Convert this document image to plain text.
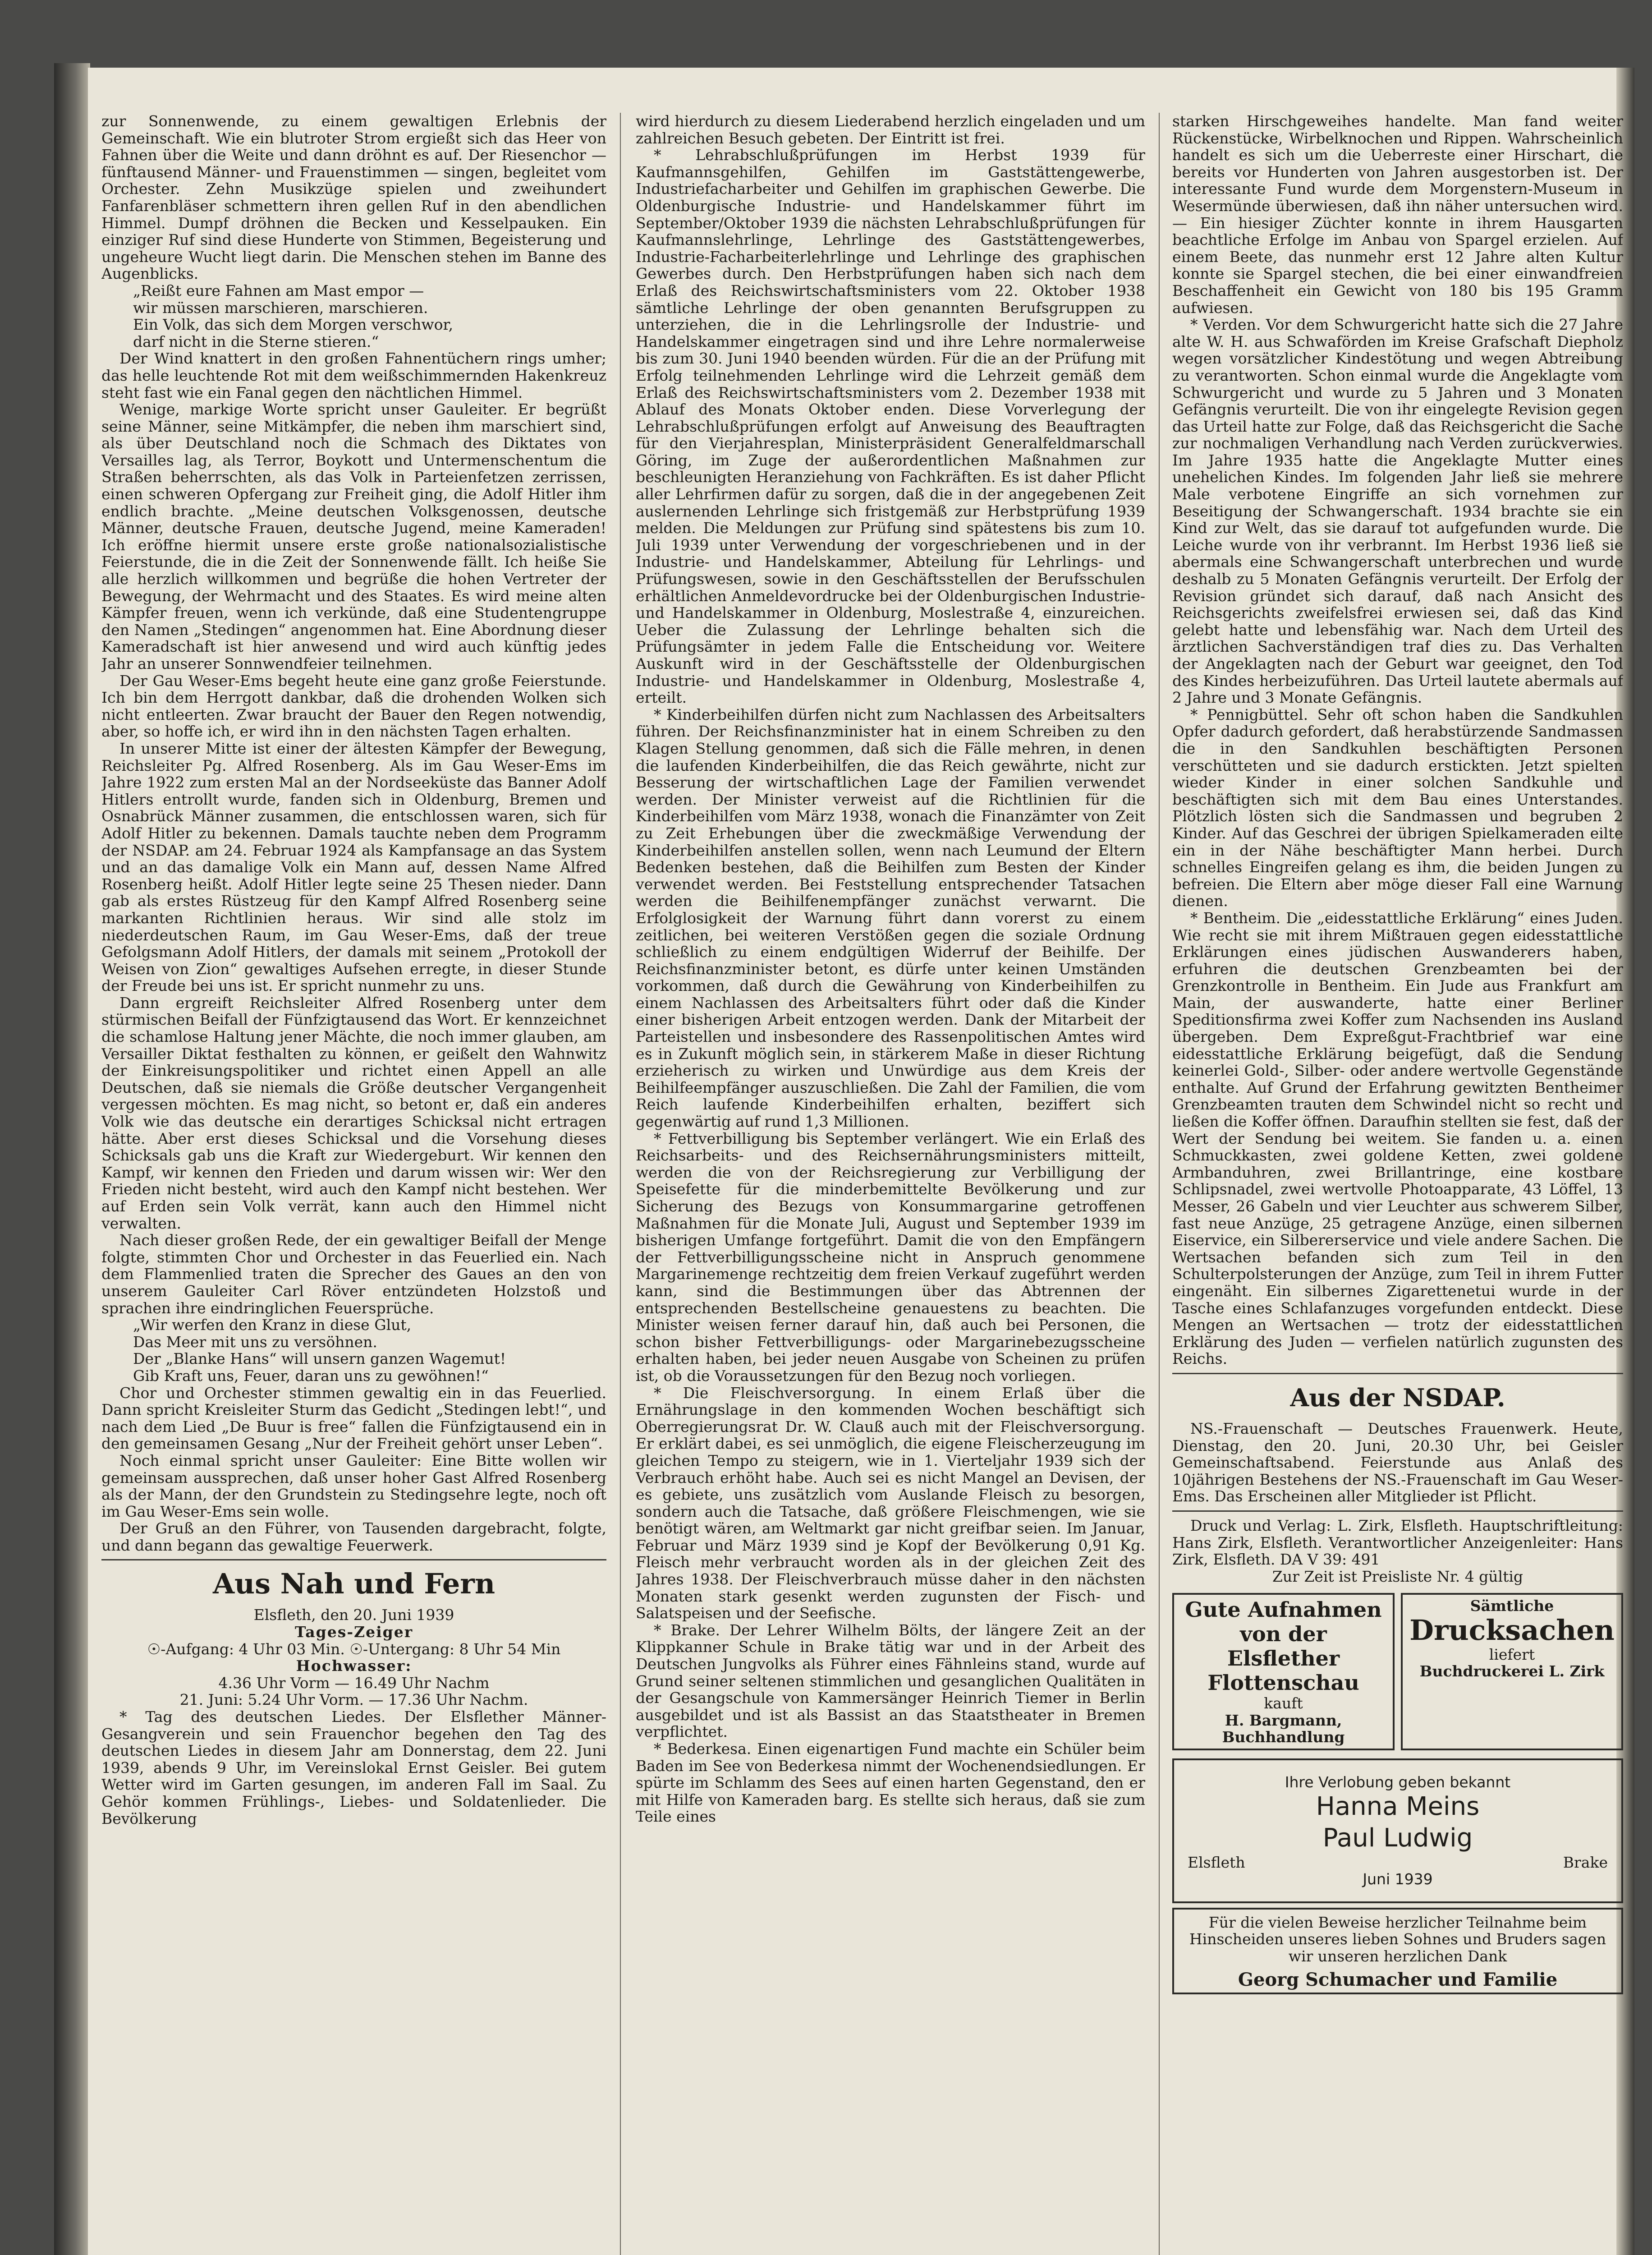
zur Sonnenwende, zu einem gewaltigen Erlebnis der Gemeinschaft. Wie ein blutroter Strom ergießt sich das Heer von Fahnen über die Weite und dann dröhnt es auf. Der Riesenchor — fünftausend Männer- und Frauenstimmen — singen, begleitet vom Orchester. Zehn Musikzüge spielen und zweihundert Fanfarenbläser schmettern ihren gellen Ruf in den abendlichen Himmel. Dumpf dröhnen die Becken und Kesselpauken. Ein einziger Ruf sind diese Hunderte von Stimmen, Begeisterung und ungeheure Wucht liegt darin. Die Menschen stehen im Banne des Augenblicks.

„Reißt eure Fahnen am Mast empor —

wir müssen marschieren, marschieren.

Ein Volk, das sich dem Morgen verschwor,

darf nicht in die Sterne stieren.“

Der Wind knattert in den großen Fahnentüchern rings umher; das helle leuchtende Rot mit dem weißschimmernden Hakenkreuz steht fast wie ein Fanal gegen den nächtlichen Himmel.

Wenige, markige Worte spricht unser Gauleiter. Er begrüßt seine Männer, seine Mitkämpfer, die neben ihm marschiert sind, als über Deutschland noch die Schmach des Diktates von Versailles lag, als Terror, Boykott und Untermenschentum die Straßen beherrschten, als das Volk in Parteienfetzen zerrissen, einen schweren Opfergang zur Freiheit ging, die Adolf Hitler ihm endlich brachte. „Meine deutschen Volksgenossen, deutsche Männer, deutsche Frauen, deutsche Jugend, meine Kameraden! Ich eröffne hiermit unsere erste große nationalsozialistische Feierstunde, die in die Zeit der Sonnenwende fällt. Ich heiße Sie alle herzlich willkommen und begrüße die hohen Vertreter der Bewegung, der Wehrmacht und des Staates. Es wird meine alten Kämpfer freuen, wenn ich verkünde, daß eine Studentengruppe den Namen „Stedingen“ angenommen hat. Eine Abordnung dieser Kameradschaft ist hier anwesend und wird auch künftig jedes Jahr an unserer Sonnwendfeier teilnehmen.

Der Gau Weser-Ems begeht heute eine ganz große Feierstunde. Ich bin dem Herrgott dankbar, daß die drohenden Wolken sich nicht entleerten. Zwar braucht der Bauer den Regen notwendig, aber, so hoffe ich, er wird ihn in den nächsten Tagen erhalten.

In unserer Mitte ist einer der ältesten Kämpfer der Bewegung, Reichsleiter Pg. Alfred Rosenberg. Als im Gau Weser-Ems im Jahre 1922 zum ersten Mal an der Nordseeküste das Banner Adolf Hitlers entrollt wurde, fanden sich in Oldenburg, Bremen und Osnabrück Männer zusammen, die entschlossen waren, sich für Adolf Hitler zu bekennen. Damals tauchte neben dem Programm der NSDAP. am 24. Februar 1924 als Kampfansage an das System und an das damalige Volk ein Mann auf, dessen Name Alfred Rosenberg heißt. Adolf Hitler legte seine 25 Thesen nieder. Dann gab als erstes Rüstzeug für den Kampf Alfred Rosenberg seine markanten Richtlinien heraus. Wir sind alle stolz im niederdeutschen Raum, im Gau Weser-Ems, daß der treue Gefolgsmann Adolf Hitlers, der damals mit seinem „Protokoll der Weisen von Zion“ gewaltiges Aufsehen erregte, in dieser Stunde der Freude bei uns ist. Er spricht nunmehr zu uns.

Dann ergreift Reichsleiter Alfred Rosenberg unter dem stürmischen Beifall der Fünfzigtausend das Wort. Er kennzeichnet die schamlose Haltung jener Mächte, die noch immer glauben, am Versailler Diktat festhalten zu können, er geißelt den Wahnwitz der Einkreisungspolitiker und richtet einen Appell an alle Deutschen, daß sie niemals die Größe deutscher Vergangenheit vergessen möchten. Es mag nicht, so betont er, daß ein anderes Volk wie das deutsche ein derartiges Schicksal nicht ertragen hätte. Aber erst dieses Schicksal und die Vorsehung dieses Schicksals gab uns die Kraft zur Wiedergeburt. Wir kennen den Kampf, wir kennen den Frieden und darum wissen wir: Wer den Frieden nicht besteht, wird auch den Kampf nicht bestehen. Wer auf Erden sein Volk verrät, kann auch den Himmel nicht verwalten.

Nach dieser großen Rede, der ein gewaltiger Beifall der Menge folgte, stimmten Chor und Orchester in das Feuerlied ein. Nach dem Flammenlied traten die Sprecher des Gaues an den von unserem Gauleiter Carl Röver entzündeten Holzstoß und sprachen ihre eindringlichen Feuersprüche.

„Wir werfen den Kranz in diese Glut,

Das Meer mit uns zu versöhnen.

Der „Blanke Hans“ will unsern ganzen Wagemut!

Gib Kraft uns, Feuer, daran uns zu gewöhnen!“

Chor und Orchester stimmen gewaltig ein in das Feuerlied. Dann spricht Kreisleiter Sturm das Gedicht „Stedingen lebt!“, und nach dem Lied „De Buur is free“ fallen die Fünfzigtausend ein in den gemeinsamen Gesang „Nur der Freiheit gehört unser Leben“.

Noch einmal spricht unser Gauleiter: Eine Bitte wollen wir gemeinsam aussprechen, daß unser hoher Gast Alfred Rosenberg als der Mann, der den Grundstein zu Stedingsehre legte, noch oft im Gau Weser-Ems sein wolle.

Der Gruß an den Führer, von Tausenden dargebracht, folgte, und dann begann das gewaltige Feuerwerk.

Aus Nah und Fern

Elsfleth, den 20. Juni 1939

Tages-Zeiger

☉-Aufgang: 4 Uhr 03 Min. ☉-Untergang: 8 Uhr 54 Min

Hochwasser:

4.36 Uhr Vorm — 16.49 Uhr Nachm

21. Juni: 5.24 Uhr Vorm. — 17.36 Uhr Nachm.

* Tag des deutschen Liedes. Der Elsflether Männer-Gesangverein und sein Frauenchor begehen den Tag des deutschen Liedes in diesem Jahr am Donnerstag, dem 22. Juni 1939, abends 9 Uhr, im Vereinslokal Ernst Geisler. Bei gutem Wetter wird im Garten gesungen, im anderen Fall im Saal. Zu Gehör kommen Frühlings-, Liebes- und Soldatenlieder. Die Bevölkerung

wird hierdurch zu diesem Liederabend herzlich eingeladen und um zahlreichen Besuch gebeten. Der Eintritt ist frei.

* Lehrabschlußprüfungen im Herbst 1939 für Kaufmannsgehilfen, Gehilfen im Gaststättengewerbe, Industriefacharbeiter und Gehilfen im graphischen Gewerbe. Die Oldenburgische Industrie- und Handelskammer führt im September/Oktober 1939 die nächsten Lehrabschlußprüfungen für Kaufmannslehrlinge, Lehrlinge des Gaststättengewerbes, Industrie-Facharbeiterlehrlinge und Lehrlinge des graphischen Gewerbes durch. Den Herbstprüfungen haben sich nach dem Erlaß des Reichswirtschaftsministers vom 22. Oktober 1938 sämtliche Lehrlinge der oben genannten Berufsgruppen zu unterziehen, die in die Lehrlingsrolle der Industrie- und Handelskammer eingetragen sind und ihre Lehre normalerweise bis zum 30. Juni 1940 beenden würden. Für die an der Prüfung mit Erfolg teilnehmenden Lehrlinge wird die Lehrzeit gemäß dem Erlaß des Reichswirtschaftsministers vom 2. Dezember 1938 mit Ablauf des Monats Oktober enden. Diese Vorverlegung der Lehrabschlußprüfungen erfolgt auf Anweisung des Beauftragten für den Vierjahresplan, Ministerpräsident Generalfeldmarschall Göring, im Zuge der außerordentlichen Maßnahmen zur beschleunigten Heranziehung von Fachkräften. Es ist daher Pflicht aller Lehrfirmen dafür zu sorgen, daß die in der angegebenen Zeit auslernenden Lehrlinge sich fristgemäß zur Herbstprüfung 1939 melden. Die Meldungen zur Prüfung sind spätestens bis zum 10. Juli 1939 unter Verwendung der vorgeschriebenen und in der Industrie- und Handelskammer, Abteilung für Lehrlings- und Prüfungswesen, sowie in den Geschäftsstellen der Berufsschulen erhältlichen Anmeldevordrucke bei der Oldenburgischen Industrie- und Handelskammer in Oldenburg, Moslestraße 4, einzureichen. Ueber die Zulassung der Lehrlinge behalten sich die Prüfungsämter in jedem Falle die Entscheidung vor. Weitere Auskunft wird in der Geschäftsstelle der Oldenburgischen Industrie- und Handelskammer in Oldenburg, Moslestraße 4, erteilt.

* Kinderbeihilfen dürfen nicht zum Nachlassen des Arbeitsalters führen. Der Reichsfinanzminister hat in einem Schreiben zu den Klagen Stellung genommen, daß sich die Fälle mehren, in denen die laufenden Kinderbeihilfen, die das Reich gewährte, nicht zur Besserung der wirtschaftlichen Lage der Familien verwendet werden. Der Minister verweist auf die Richtlinien für die Kinderbeihilfen vom März 1938, wonach die Finanzämter von Zeit zu Zeit Erhebungen über die zweckmäßige Verwendung der Kinderbeihilfen anstellen sollen, wenn nach Leumund der Eltern Bedenken bestehen, daß die Beihilfen zum Besten der Kinder verwendet werden. Bei Feststellung entsprechender Tatsachen werden die Beihilfenempfänger zunächst verwarnt. Die Erfolglosigkeit der Warnung führt dann vorerst zu einem zeitlichen, bei weiteren Verstößen gegen die soziale Ordnung schließlich zu einem endgültigen Widerruf der Beihilfe. Der Reichsfinanzminister betont, es dürfe unter keinen Umständen vorkommen, daß durch die Gewährung von Kinderbeihilfen zu einem Nachlassen des Arbeitsalters führt oder daß die Kinder einer bisherigen Arbeit entzogen werden. Dank der Mitarbeit der Parteistellen und insbesondere des Rassenpolitischen Amtes wird es in Zukunft möglich sein, in stärkerem Maße in dieser Richtung erzieherisch zu wirken und Unwürdige aus dem Kreis der Beihilfeempfänger auszuschließen. Die Zahl der Familien, die vom Reich laufende Kinderbeihilfen erhalten, beziffert sich gegenwärtig auf rund 1,3 Millionen.

* Fettverbilligung bis September verlängert. Wie ein Erlaß des Reichsarbeits- und des Reichsernährungsministers mitteilt, werden die von der Reichsregierung zur Verbilligung der Speisefette für die minderbemittelte Bevölkerung und zur Sicherung des Bezugs von Konsummargarine getroffenen Maßnahmen für die Monate Juli, August und September 1939 im bisherigen Umfange fortgeführt. Damit die von den Empfängern der Fettverbilligungsscheine nicht in Anspruch genommene Margarinemenge rechtzeitig dem freien Verkauf zugeführt werden kann, sind die Bestimmungen über das Abtrennen der entsprechenden Bestellscheine genauestens zu beachten. Die Minister weisen ferner darauf hin, daß auch bei Personen, die schon bisher Fettverbilligungs- oder Margarinebezugsscheine erhalten haben, bei jeder neuen Ausgabe von Scheinen zu prüfen ist, ob die Voraussetzungen für den Bezug noch vorliegen.

* Die Fleischversorgung. In einem Erlaß über die Ernährungslage in den kommenden Wochen beschäftigt sich Oberregierungsrat Dr. W. Clauß auch mit der Fleischversorgung. Er erklärt dabei, es sei unmöglich, die eigene Fleischerzeugung im gleichen Tempo zu steigern, wie in 1. Vierteljahr 1939 sich der Verbrauch erhöht habe. Auch sei es nicht Mangel an Devisen, der es gebiete, uns zusätzlich vom Auslande Fleisch zu besorgen, sondern auch die Tatsache, daß größere Fleischmengen, wie sie benötigt wären, am Weltmarkt gar nicht greifbar seien. Im Januar, Februar und März 1939 sind je Kopf der Bevölkerung 0,91 Kg. Fleisch mehr verbraucht worden als in der gleichen Zeit des Jahres 1938. Der Fleischverbrauch müsse daher in den nächsten Monaten stark gesenkt werden zugunsten der Fisch- und Salatspeisen und der Seefische.

* Brake. Der Lehrer Wilhelm Bölts, der längere Zeit an der Klippkanner Schule in Brake tätig war und in der Arbeit des Deutschen Jungvolks als Führer eines Fähnleins stand, wurde auf Grund seiner seltenen stimmlichen und gesanglichen Qualitäten in der Gesangschule von Kammersänger Heinrich Tiemer in Berlin ausgebildet und ist als Bassist an das Staatstheater in Bremen verpflichtet.

* Bederkesa. Einen eigenartigen Fund machte ein Schüler beim Baden im See von Bederkesa nimmt der Wochenendsiedlungen. Er spürte im Schlamm des Sees auf einen harten Gegenstand, den er mit Hilfe von Kameraden barg. Es stellte sich heraus, daß sie zum Teile eines

starken Hirschgeweihes handelte. Man fand weiter Rückenstücke, Wirbelknochen und Rippen. Wahrscheinlich handelt es sich um die Ueberreste einer Hirschart, die bereits vor Hunderten von Jahren ausgestorben ist. Der interessante Fund wurde dem Morgenstern-Museum in Wesermünde überwiesen, daß ihn näher untersuchen wird. — Ein hiesiger Züchter konnte in ihrem Hausgarten beachtliche Erfolge im Anbau von Spargel erzielen. Auf einem Beete, das nunmehr erst 12 Jahre alten Kultur konnte sie Spargel stechen, die bei einer einwandfreien Beschaffenheit ein Gewicht von 180 bis 195 Gramm aufwiesen.

* Verden. Vor dem Schwurgericht hatte sich die 27 Jahre alte W. H. aus Schwaförden im Kreise Grafschaft Diepholz wegen vorsätzlicher Kindestötung und wegen Abtreibung zu verantworten. Schon einmal wurde die Angeklagte vom Schwurgericht und wurde zu 5 Jahren und 3 Monaten Gefängnis verurteilt. Die von ihr eingelegte Revision gegen das Urteil hatte zur Folge, daß das Reichsgericht die Sache zur nochmaligen Verhandlung nach Verden zurückverwies. Im Jahre 1935 hatte die Angeklagte Mutter eines unehelichen Kindes. Im folgenden Jahr ließ sie mehrere Male verbotene Eingriffe an sich vornehmen zur Beseitigung der Schwangerschaft. 1934 brachte sie ein Kind zur Welt, das sie darauf tot aufgefunden wurde. Die Leiche wurde von ihr verbrannt. Im Herbst 1936 ließ sie abermals eine Schwangerschaft unterbrechen und wurde deshalb zu 5 Monaten Gefängnis verurteilt. Der Erfolg der Revision gründet sich darauf, daß nach Ansicht des Reichsgerichts zweifelsfrei erwiesen sei, daß das Kind gelebt hatte und lebensfähig war. Nach dem Urteil des ärztlichen Sachverständigen traf dies zu. Das Verhalten der Angeklagten nach der Geburt war geeignet, den Tod des Kindes herbeizuführen. Das Urteil lautete abermals auf 2 Jahre und 3 Monate Gefängnis.

* Pennigbüttel. Sehr oft schon haben die Sandkuhlen Opfer dadurch gefordert, daß herabstürzende Sandmassen die in den Sandkuhlen beschäftigten Personen verschütteten und sie dadurch erstickten. Jetzt spielten wieder Kinder in einer solchen Sandkuhle und beschäftigten sich mit dem Bau eines Unterstandes. Plötzlich lösten sich die Sandmassen und begruben 2 Kinder. Auf das Geschrei der übrigen Spielkameraden eilte ein in der Nähe beschäftigter Mann herbei. Durch schnelles Eingreifen gelang es ihm, die beiden Jungen zu befreien. Die Eltern aber möge dieser Fall eine Warnung dienen.

* Bentheim. Die „eidesstattliche Erklärung“ eines Juden. Wie recht sie mit ihrem Mißtrauen gegen eidesstattliche Erklärungen eines jüdischen Auswanderers haben, erfuhren die deutschen Grenzbeamten bei der Grenzkontrolle in Bentheim. Ein Jude aus Frankfurt am Main, der auswanderte, hatte einer Berliner Speditionsfirma zwei Koffer zum Nachsenden ins Ausland übergeben. Dem Expreßgut-Frachtbrief war eine eidesstattliche Erklärung beigefügt, daß die Sendung keinerlei Gold-, Silber- oder andere wertvolle Gegenstände enthalte. Auf Grund der Erfahrung gewitzten Bentheimer Grenzbeamten trauten dem Schwindel nicht so recht und ließen die Koffer öffnen. Daraufhin stellten sie fest, daß der Wert der Sendung bei weitem. Sie fanden u. a. einen Schmuckkasten, zwei goldene Ketten, zwei goldene Armbanduhren, zwei Brillantringe, eine kostbare Schlipsnadel, zwei wertvolle Photoapparate, 43 Löffel, 13 Messer, 26 Gabeln und vier Leuchter aus schwerem Silber, fast neue Anzüge, 25 getragene Anzüge, einen silbernen Eiservice, ein Silbererservice und viele andere Sachen. Die Wertsachen befanden sich zum Teil in den Schulterpolsterungen der Anzüge, zum Teil in ihrem Futter eingenäht. Ein silbernes Zigarettenetui wurde in der Tasche eines Schlafanzuges vorgefunden entdeckt. Diese Mengen an Wertsachen — trotz der eidesstattlichen Erklärung des Juden — verfielen natürlich zugunsten des Reichs.

Aus der NSDAP.

NS.-Frauenschaft — Deutsches Frauenwerk. Heute, Dienstag, den 20. Juni, 20.30 Uhr, bei Geisler Gemeinschaftsabend. Feierstunde aus Anlaß des 10jährigen Bestehens der NS.-Frauenschaft im Gau Weser-Ems. Das Erscheinen aller Mitglieder ist Pflicht.

Druck und Verlag: L. Zirk, Elsfleth. Hauptschriftleitung: Hans Zirk, Elsfleth. Verantwortlicher Anzeigenleiter: Hans Zirk, Elsfleth. DA V 39: 491

Zur Zeit ist Preisliste Nr. 4 gültig

Gute Aufnahmen von der
Elsflether Flottenschau
kauft
H. Bargmann, Buchhandlung
Sämtliche
Drucksachen
liefert
Buchdruckerei L. Zirk
Ihre Verlobung geben bekannt
Hanna Meins
Paul Ludwig
Elsfleth	Brake
Juni 1939

Für die vielen Beweise herzlicher Teilnahme beim Hinscheiden unseres lieben Sohnes und Bruders sagen wir unseren herzlichen Dank

Georg Schumacher und Familie
